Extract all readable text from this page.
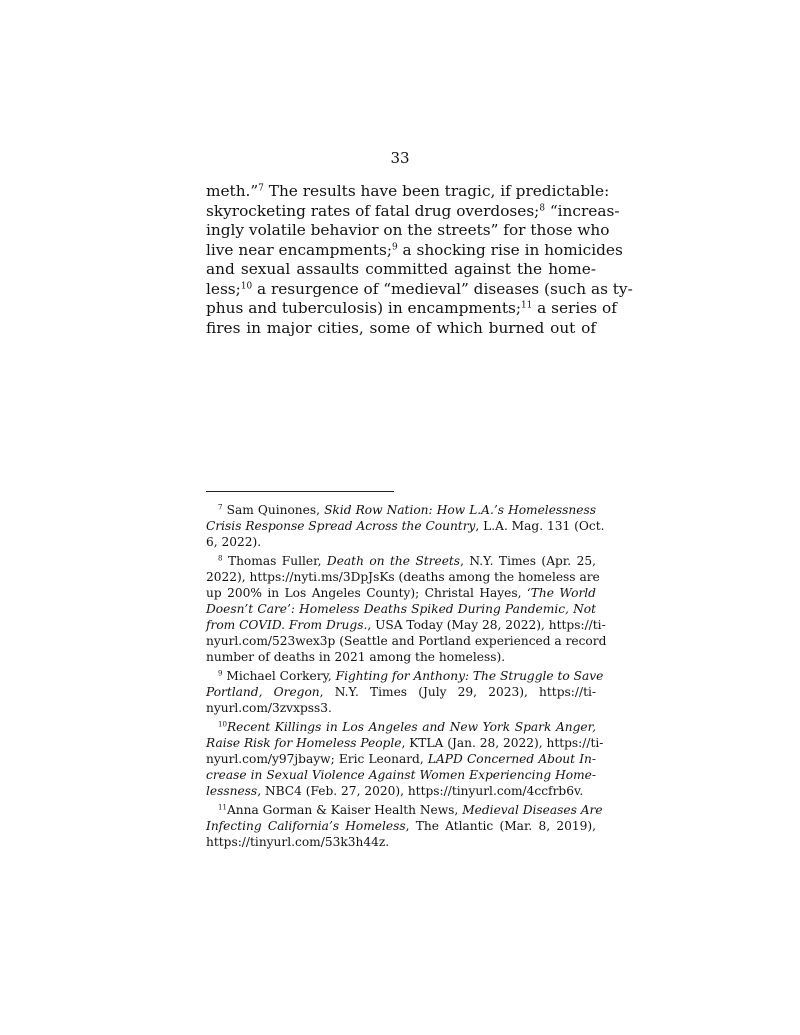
33
meth.”$^7$ The results have been tragic, if predictable:
skyrocketing rates of fatal drug overdoses;$^8$ “increas-
ingly volatile behavior on the streets” for those who
live near encampments;$^9$ a shocking rise in homicides
and sexual assaults committed against the home-
less;$^{10}$ a resurgence of “medieval” diseases (such as ty-
phus and tuberculosis) in encampments;$^{11}$ a series of
fires in major cities, some of which burned out of
$^7$ Sam Quinones, Skid Row Nation: How L.A.’s Homelessness
Crisis Response Spread Across the Country, L.A. Mag. 131 (Oct.
6, 2022).
$^8$ Thomas Fuller, Death on the Streets, N.Y. Times (Apr. 25,
2022), https://nyti.ms/3DpJsKs (deaths among the homeless are
up 200% in Los Angeles County); Christal Hayes, ‘The World
Doesn’t Care’: Homeless Deaths Spiked During Pandemic, Not
from COVID. From Drugs., USA Today (May 28, 2022), https://ti-
nyurl.com/523wex3p (Seattle and Portland experienced a record
number of deaths in 2021 among the homeless).
$^9$ Michael Corkery, Fighting for Anthony: The Struggle to Save
Portland, Oregon, N.Y. Times (July 29, 2023), https://ti-
nyurl.com/3zvxpss3.
$^{10}$Recent Killings in Los Angeles and New York Spark Anger,
Raise Risk for Homeless People, KTLA (Jan. 28, 2022), https://ti-
nyurl.com/y97jbayw; Eric Leonard, LAPD Concerned About In-
crease in Sexual Violence Against Women Experiencing Home-
lessness, NBC4 (Feb. 27, 2020), https://tinyurl.com/4ccfrb6v.
$^{11}$Anna Gorman & Kaiser Health News, Medieval Diseases Are
Infecting California’s Homeless, The Atlantic (Mar. 8, 2019),
https://tinyurl.com/53k3h44z.
